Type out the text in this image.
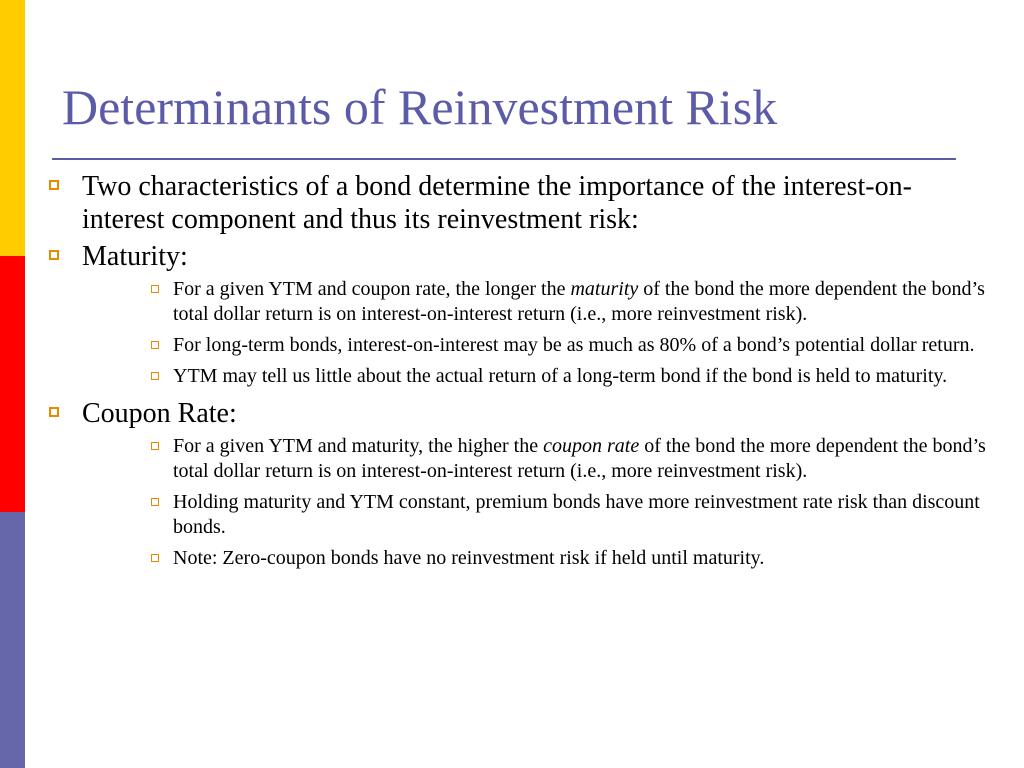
Determinants of Reinvestment Risk
Two characteristics of a bond determine the importance of the interest-on-interest component and thus its reinvestment risk:
Maturity:
For a given YTM and coupon rate, the longer the maturity of the bond the more dependent the bond’s total dollar return is on interest-on-interest return (i.e., more reinvestment risk).
For long-term bonds, interest-on-interest may be as much as 80% of a bond’s potential dollar return.
YTM may tell us little about the actual return of a long-term bond if the bond is held to maturity.
Coupon Rate:
For a given YTM and maturity, the higher the coupon rate of the bond the more dependent the bond’s total dollar return is on interest-on-interest return (i.e., more reinvestment risk).
Holding maturity and YTM constant, premium bonds have more reinvestment rate risk than discount bonds.
Note: Zero-coupon bonds have no reinvestment risk if held until maturity.
